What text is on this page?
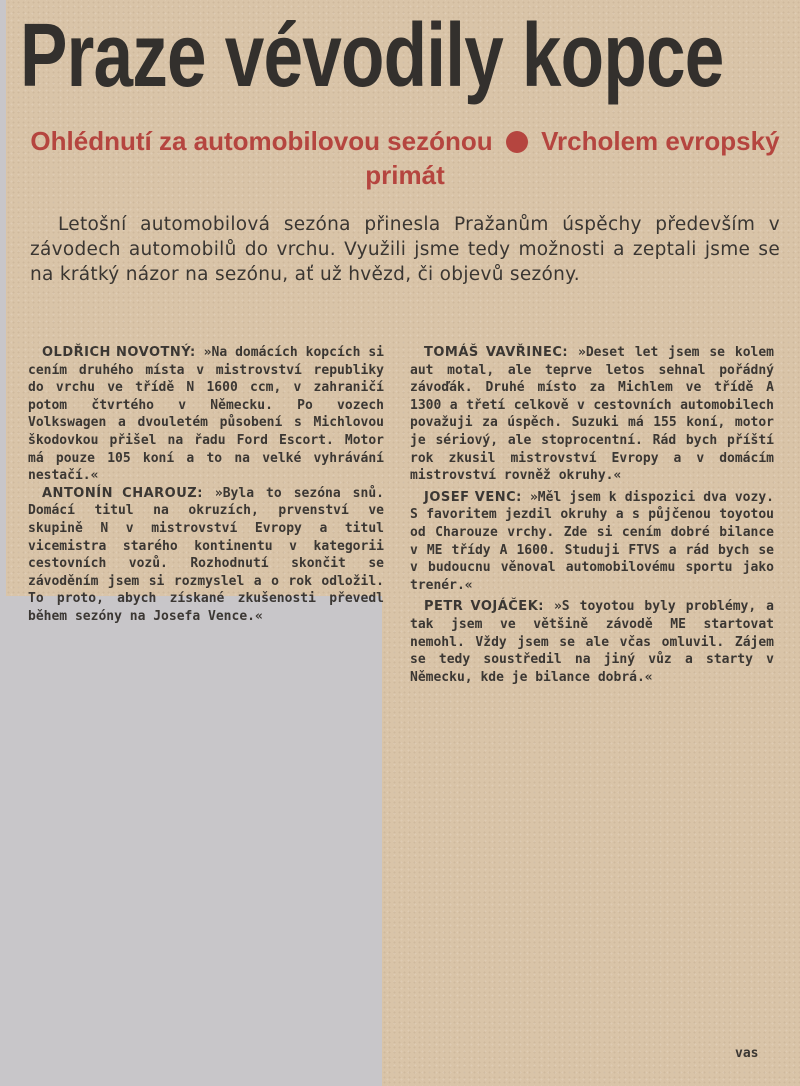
Praze vévodily kopce
Ohlédnutí za automobilovou sezónou Vrcholem evropský primát

Letošní automobilová sezóna přinesla Pražanům úspěchy především v závodech automobilů do vrchu. Využili jsme tedy možnosti a zeptali jsme se na krátký názor na sezónu, ať už hvězd, či objevů sezóny.

OLDŘICH NOVOTNÝ: »Na domácích kopcích si cením druhého místa v mistrovství republiky do vrchu ve třídě N 1600 ccm, v zahraničí potom čtvrtého v Německu. Po vozech Volkswagen a dvouletém působení s Michlovou škodovkou přišel na řadu Ford Escort. Motor má pouze 105 koní a to na velké vyhrávání nestačí.«

ANTONÍN CHAROUZ: »Byla to sezóna snů. Domácí titul na okruzích, prvenství ve skupině N v mistrovství Evropy a titul vicemistra starého kontinentu v kategorii cestovních vozů. Rozhodnutí skončit se závoděním jsem si rozmyslel a o rok odložil. To proto, abych získané zkušenosti převedl během sezóny na Josefa Vence.«

TOMÁŠ VAVŘINEC: »Deset let jsem se kolem aut motal, ale teprve letos sehnal pořádný závoďák. Druhé místo za Michlem ve třídě A 1300 a třetí celkově v cestovních automobilech považuji za úspěch. Suzuki má 155 koní, motor je sériový, ale stoprocentní. Rád bych příští rok zkusil mistrovství Evropy a v domácím mistrovství rovněž okruhy.«

JOSEF VENC: »Měl jsem k dispozici dva vozy. S favoritem jezdil okruhy a s půjčenou toyotou od Charouze vrchy. Zde si cením dobré bilance v ME třídy A 1600. Studuji FTVS a rád bych se v budoucnu věnoval automobilovému sportu jako trenér.«

PETR VOJÁČEK: »S toyotou byly problémy, a tak jsem ve většině závodě ME startovat nemohl. Vždy jsem se ale včas omluvil. Zájem se tedy soustředil na jiný vůz a starty v Německu, kde je bilance dobrá.«

vas
